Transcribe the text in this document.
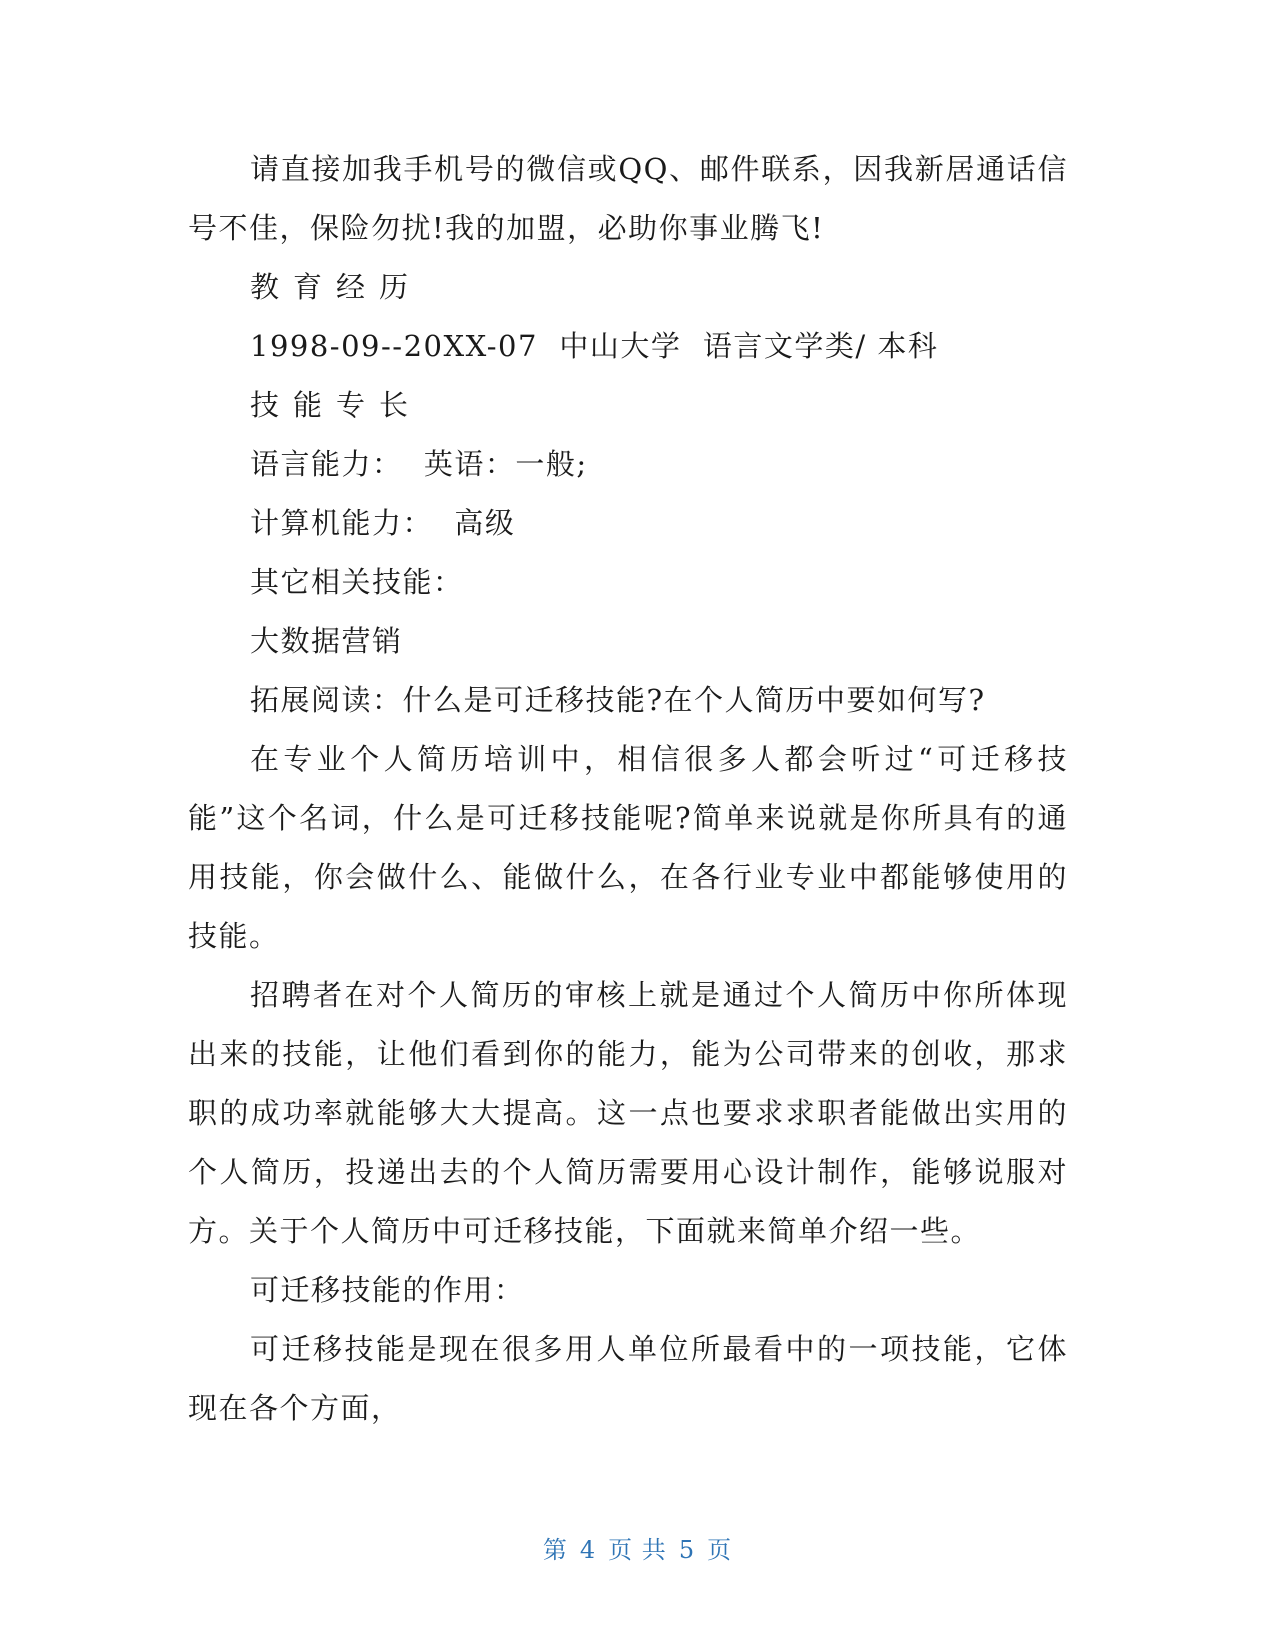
请直接加我手机号的微信或QQ、邮件联系，因我新居通话信号不佳，保险勿扰!我的加盟，必助你事业腾飞!

教育经历

1998-09--20XX-07  中山大学  语言文学类/ 本科

技能专长

语言能力：  英语：一般;

计算机能力：  高级

其它相关技能：

大数据营销

拓展阅读：什么是可迁移技能?在个人简历中要如何写?

在专业个人简历培训中，相信很多人都会听过“可迁移技能”这个名词，什么是可迁移技能呢?简单来说就是你所具有的通用技能，你会做什么、能做什么，在各行业专业中都能够使用的技能。

招聘者在对个人简历的审核上就是通过个人简历中你所体现出来的技能，让他们看到你的能力，能为公司带来的创收，那求职的成功率就能够大大提高。这一点也要求求职者能做出实用的个人简历，投递出去的个人简历需要用心设计制作，能够说服对方。关于个人简历中可迁移技能，下面就来简单介绍一些。

可迁移技能的作用：

可迁移技能是现在很多用人单位所最看中的一项技能，它体现在各个方面，

第 4 页 共 5 页
